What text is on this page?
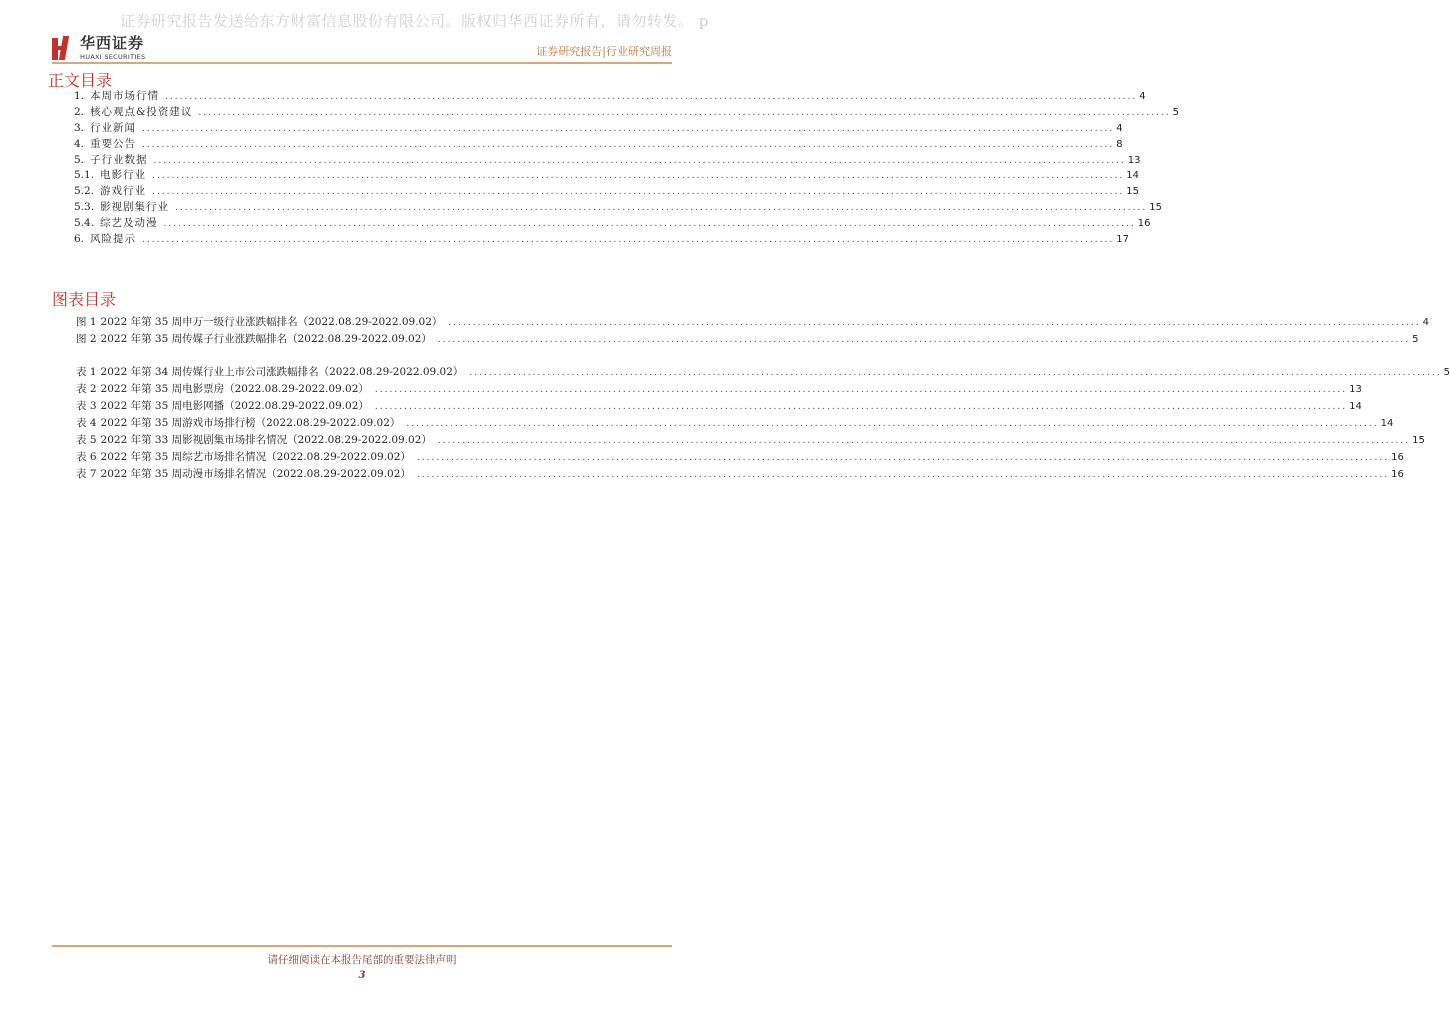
证券研究报告发送给东方财富信息股份有限公司。版权归华西证券所有，请勿转发。 p
华西证券
HUAXI SECURITIES	证券研究报告|行业研究周报
正文目录
1. 本周市场行情 ........................................................................................................................................................................................................ 4
2. 核心观点&投资建议 ........................................................................................................................................................................................................ 5
3. 行业新闻 ........................................................................................................................................................................................................ 4
4. 重要公告 ........................................................................................................................................................................................................ 8
5. 子行业数据 ........................................................................................................................................................................................................ 13
5.1. 电影行业 ........................................................................................................................................................................................................ 14
5.2. 游戏行业 ........................................................................................................................................................................................................ 15
5.3. 影视剧集行业 ........................................................................................................................................................................................................ 15
5.4. 综艺及动漫 ........................................................................................................................................................................................................ 16
6. 风险提示 ........................................................................................................................................................................................................ 17
图表目录
图 1 2022 年第 35 周申万一级行业涨跌幅排名（2022.08.29-2022.09.02） ........................................................................................................................................................................................................ 4
图 2 2022 年第 35 周传媒子行业涨跌幅排名（2022.08.29-2022.09.02） ........................................................................................................................................................................................................ 5
表 1 2022 年第 34 周传媒行业上市公司涨跌幅排名（2022.08.29-2022.09.02） ........................................................................................................................................................................................................ 5
表 2 2022 年第 35 周电影票房（2022.08.29-2022.09.02） ........................................................................................................................................................................................................ 13
表 3 2022 年第 35 周电影网播（2022.08.29-2022.09.02） ........................................................................................................................................................................................................ 14
表 4 2022 年第 35 周游戏市场排行榜（2022.08.29-2022.09.02） ........................................................................................................................................................................................................ 14
表 5 2022 年第 33 周影视剧集市场排名情况（2022.08.29-2022.09.02） ........................................................................................................................................................................................................ 15
表 6 2022 年第 35 周综艺市场排名情况（2022.08.29-2022.09.02） ........................................................................................................................................................................................................ 16
表 7 2022 年第 35 周动漫市场排名情况（2022.08.29-2022.09.02） ........................................................................................................................................................................................................ 16
请仔细阅读在本报告尾部的重要法律声明
3
